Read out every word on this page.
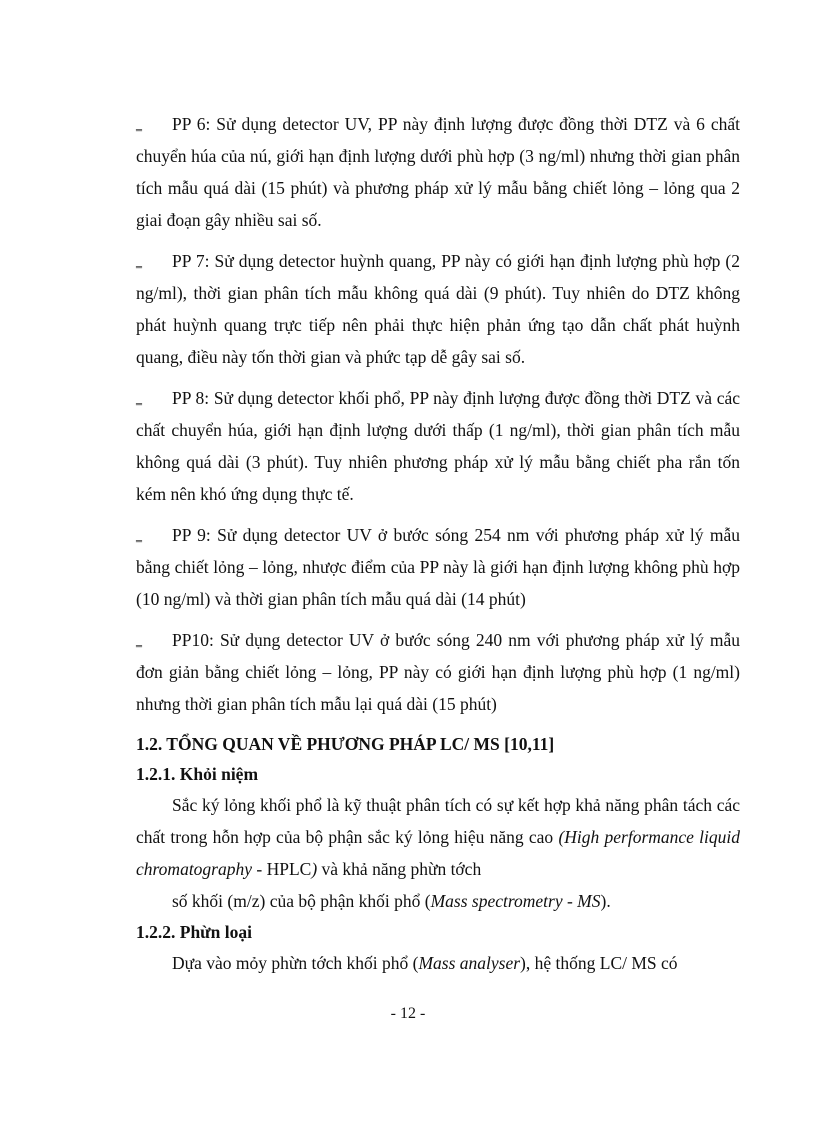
‗ PP 6: Sử dụng detector UV, PP này định lượng được đồng thời DTZ và 6 chất chuyển húa của nú, giới hạn định lượng dưới phù hợp (3 ng/ml) nhưng thời gian phân tích mẫu quá dài (15 phút) và phương pháp xử lý mẫu bằng chiết lỏng – lỏng qua 2 giai đoạn gây nhiều sai số.

‗ PP 7: Sử dụng detector huỳnh quang, PP này có giới hạn định lượng phù hợp (2 ng/ml), thời gian phân tích mẫu không quá dài (9 phút). Tuy nhiên do DTZ không phát huỳnh quang trực tiếp nên phải thực hiện phản ứng tạo dẫn chất phát huỳnh quang, điều này tốn thời gian và phức tạp dễ gây sai số.

‗ PP 8: Sử dụng detector khối phổ, PP này định lượng được đồng thời DTZ và các chất chuyển húa, giới hạn định lượng dưới thấp (1 ng/ml), thời gian phân tích mẫu không quá dài (3 phút). Tuy nhiên phương pháp xử lý mẫu bằng chiết pha rắn tốn kém nên khó ứng dụng thực tế.

‗ PP 9: Sử dụng detector UV ở bước sóng 254 nm với phương pháp xử lý mẫu bằng chiết lỏng – lỏng, nhược điểm của PP này là giới hạn định lượng không phù hợp (10 ng/ml) và thời gian phân tích mẫu quá dài (14 phút)

‗ PP10: Sử dụng detector UV ở bước sóng 240 nm với phương pháp xử lý mẫu đơn giản bằng chiết lỏng – lỏng, PP này có giới hạn định lượng phù hợp (1 ng/ml) nhưng thời gian phân tích mẫu lại quá dài (15 phút)

1.2. TỔNG QUAN VỀ PHƯƠNG PHÁP LC/ MS [10,11]
1.2.1. Khỏi niệm

Sắc ký lỏng khối phổ là kỹ thuật phân tích có sự kết hợp khả năng phân tách các chất trong hỗn hợp của bộ phận sắc ký lỏng hiệu năng cao (High performance liquid chromatography - HPLC) và khả năng phừn tớch
số khối (m/z) của bộ phận khối phổ (Mass spectrometry - MS).

1.2.2. Phừn loại

Dựa vào mỏy phừn tớch khối phổ (Mass analyser), hệ thống LC/ MS có

- 12 -
